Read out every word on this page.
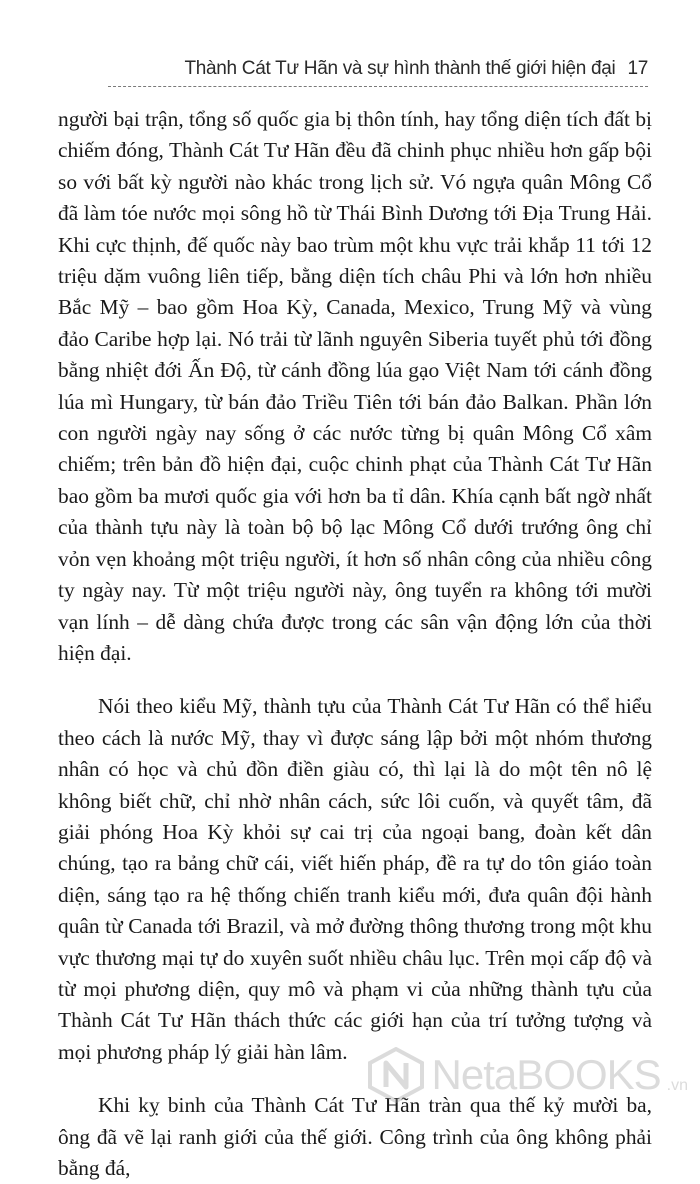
Thành Cát Tư Hãn và sự hình thành thế giới hiện đại 17

người bại trận, tổng số quốc gia bị thôn tính, hay tổng diện tích đất bị chiếm đóng, Thành Cát Tư Hãn đều đã chinh phục nhiều hơn gấp bội so với bất kỳ người nào khác trong lịch sử. Vó ngựa quân Mông Cổ đã làm tóe nước mọi sông hồ từ Thái Bình Dương tới Địa Trung Hải. Khi cực thịnh, đế quốc này bao trùm một khu vực trải khắp 11 tới 12 triệu dặm vuông liên tiếp, bằng diện tích châu Phi và lớn hơn nhiều Bắc Mỹ – bao gồm Hoa Kỳ, Canada, Mexico, Trung Mỹ và vùng đảo Caribe hợp lại. Nó trải từ lãnh nguyên Siberia tuyết phủ tới đồng bằng nhiệt đới Ấn Độ, từ cánh đồng lúa gạo Việt Nam tới cánh đồng lúa mì Hungary, từ bán đảo Triều Tiên tới bán đảo Balkan. Phần lớn con người ngày nay sống ở các nước từng bị quân Mông Cổ xâm chiếm; trên bản đồ hiện đại, cuộc chinh phạt của Thành Cát Tư Hãn bao gồm ba mươi quốc gia với hơn ba tỉ dân. Khía cạnh bất ngờ nhất của thành tựu này là toàn bộ bộ lạc Mông Cổ dưới trướng ông chỉ vỏn vẹn khoảng một triệu người, ít hơn số nhân công của nhiều công ty ngày nay. Từ một triệu người này, ông tuyển ra không tới mười vạn lính – dễ dàng chứa được trong các sân vận động lớn của thời hiện đại.

Nói theo kiểu Mỹ, thành tựu của Thành Cát Tư Hãn có thể hiểu theo cách là nước Mỹ, thay vì được sáng lập bởi một nhóm thương nhân có học và chủ đồn điền giàu có, thì lại là do một tên nô lệ không biết chữ, chỉ nhờ nhân cách, sức lôi cuốn, và quyết tâm, đã giải phóng Hoa Kỳ khỏi sự cai trị của ngoại bang, đoàn kết dân chúng, tạo ra bảng chữ cái, viết hiến pháp, đề ra tự do tôn giáo toàn diện, sáng tạo ra hệ thống chiến tranh kiểu mới, đưa quân đội hành quân từ Canada tới Brazil, và mở đường thông thương trong một khu vực thương mại tự do xuyên suốt nhiều châu lục. Trên mọi cấp độ và từ mọi phương diện, quy mô và phạm vi của những thành tựu của Thành Cát Tư Hãn thách thức các giới hạn của trí tưởng tượng và mọi phương pháp lý giải hàn lâm.

Khi kỵ binh của Thành Cát Tư Hãn tràn qua thế kỷ mười ba, ông đã vẽ lại ranh giới của thế giới. Công trình của ông không phải bằng đá,

NetaBOOKS .vn
